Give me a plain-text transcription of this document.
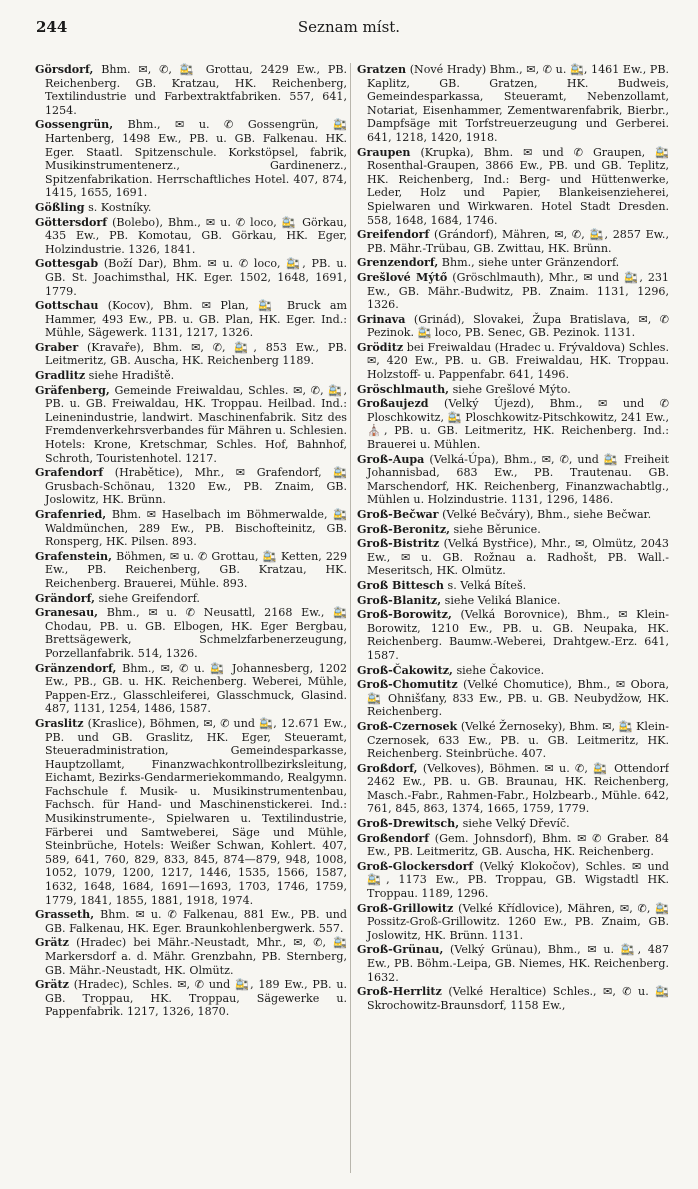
244	Seznam míst.

Görsdorf, Bhm. ✉, ✆, 🚉 Grottau, 2429 Ew., PB. Reichenberg. GB. Kratzau, HK. Reichenberg, Textilindustrie und Farbextraktfabriken. 557, 641, 1254.

Gossengrün, Bhm., ✉ u. ✆ Gossengrün, 🚉 Hartenberg, 1498 Ew., PB. u. GB. Falkenau. HK. Eger. Staatl. Spitzenschule. Korkstöpsel, fabrik, Musikinstrumentenerz., Gardinenerz., Spitzenfabrikation. Herrschaftliches Hotel. 407, 874, 1415, 1655, 1691.

Gößling s. Kostníky.

Göttersdorf (Bolebo), Bhm., ✉ u. ✆ loco, 🚉 Görkau, 435 Ew., PB. Komotau, GB. Görkau, HK. Eger, Holzindustrie. 1326, 1841.

Gottesgab (Boží Dar), Bhm. ✉ u. ✆ loco, 🚉, PB. u. GB. St. Joachimsthal, HK. Eger. 1502, 1648, 1691, 1779.

Gottschau (Kocov), Bhm. ✉ Plan, 🚉 Bruck am Hammer, 493 Ew., PB. u. GB. Plan, HK. Eger. Ind.: Mühle, Sägewerk. 1131, 1217, 1326.

Graber (Kravaře), Bhm. ✉, ✆, 🚉, 853 Ew., PB. Leitmeritz, GB. Auscha, HK. Reichenberg 1189.

Gradlitz siehe Hradiště.

Gräfenberg, Gemeinde Freiwaldau, Schles. ✉, ✆, 🚉, PB. u. GB. Freiwaldau, HK. Troppau. Heilbad. Ind.: Leinenindustrie, landwirt. Maschinenfabrik. Sitz des Fremdenverkehrsverbandes für Mähren u. Schlesien. Hotels: Krone, Kretschmar, Schles. Hof, Bahnhof, Schroth, Touristenhotel. 1217.

Grafendorf (Hrabětice), Mhr., ✉ Grafendorf, 🚉 Grusbach-Schönau, 1320 Ew., PB. Znaim, GB. Joslowitz, HK. Brünn.

Grafenried, Bhm. ✉ Haselbach im Böhmerwalde, 🚉 Waldmünchen, 289 Ew., PB. Bischofteinitz, GB. Ronsperg, HK. Pilsen. 893.

Grafenstein, Böhmen, ✉ u. ✆ Grottau, 🚉 Ketten, 229 Ew., PB. Reichenberg, GB. Kratzau, HK. Reichenberg. Brauerei, Mühle. 893.

Grändorf, siehe Greifendorf.

Granesau, Bhm., ✉ u. ✆ Neusattl, 2168 Ew., 🚉 Chodau, PB. u. GB. Elbogen, HK. Eger Bergbau, Brettsägewerk, Schmelzfarbenerzeugung, Porzellanfabrik. 514, 1326.

Gränzendorf, Bhm., ✉, ✆ u. 🚉 Johannesberg, 1202 Ew., PB., GB. u. HK. Reichenberg. Weberei, Mühle, Pappen-Erz., Glasschleiferei, Glasschmuck, Glasind. 487, 1131, 1254, 1486, 1587.

Graslitz (Kraslice), Böhmen, ✉, ✆ und 🚉, 12.671 Ew., PB. und GB. Graslitz, HK. Eger, Steueramt, Steueradministration, Gemeindesparkasse, Hauptzollamt, Finanzwachkontrollbezirksleitung, Eichamt, Bezirks-Gendarmeriekommando, Realgymn. Fachschule f. Musik- u. Musikinstrumentenbau, Fachsch. für Hand- und Maschinenstickerei. Ind.: Musikinstrumente-, Spielwaren u. Textilindustrie, Färberei und Samtweberei, Säge und Mühle, Steinbrüche, Hotels: Weißer Schwan, Kohlert. 407, 589, 641, 760, 829, 833, 845, 874—879, 948, 1008, 1052, 1079, 1200, 1217, 1446, 1535, 1566, 1587, 1632, 1648, 1684, 1691—1693, 1703, 1746, 1759, 1779, 1841, 1855, 1881, 1918, 1974.

Grasseth, Bhm. ✉ u. ✆ Falkenau, 881 Ew., PB. und GB. Falkenau, HK. Eger. Braunkohlenbergwerk. 557.

Grätz (Hradec) bei Mähr.-Neustadt, Mhr., ✉, ✆, 🚉 Markersdorf a. d. Mähr. Grenzbahn, PB. Sternberg, GB. Mähr.-Neustadt, HK. Olmütz.

Grätz (Hradec), Schles. ✉, ✆ und 🚉, 189 Ew., PB. u. GB. Troppau, HK. Troppau, Sägewerke u. Pappenfabrik. 1217, 1326, 1870.

Gratzen (Nové Hrady) Bhm., ✉, ✆ u. 🚉, 1461 Ew., PB. Kaplitz, GB. Gratzen, HK. Budweis, Gemeindesparkassa, Steueramt, Nebenzollamt, Notariat, Eisenhammer, Zementwarenfabrik, Bierbr., Dampfsäge mit Torfstreuerzeugung und Gerberei. 641, 1218, 1420, 1918.

Graupen (Krupka), Bhm. ✉ und ✆ Graupen, 🚉 Rosenthal-Graupen, 3866 Ew., PB. und GB. Teplitz, HK. Reichenberg, Ind.: Berg- und Hüttenwerke, Leder, Holz und Papier, Blankeisenzieherei, Spielwaren und Wirkwaren. Hotel Stadt Dresden. 558, 1648, 1684, 1746.

Greifendorf (Grándorf), Mähren, ✉, ✆, 🚉, 2857 Ew., PB. Mähr.-Trübau, GB. Zwittau, HK. Brünn.

Grenzendorf, Bhm., siehe unter Gränzendorf.

Grešlové Mýtő (Gröschlmauth), Mhr., ✉ und 🚉, 231 Ew., GB. Mähr.-Budwitz, PB. Znaim. 1131, 1296, 1326.

Grinava (Grinád), Slovakei, Župa Bratislava, ✉, ✆ Pezinok. 🚉 loco, PB. Senec, GB. Pezinok. 1131.

Gröditz bei Freiwaldau (Hradec u. Frývaldova) Schles. ✉, 420 Ew., PB. u. GB. Freiwaldau, HK. Troppau. Holzstoff- u. Pappenfabr. 641, 1496.

Gröschlmauth, siehe Grešlové Mýto.

Großaujezd (Velký Újezd), Bhm., ✉ und ✆ Ploschkowitz, 🚉 Ploschkowitz-Pitschkowitz, 241 Ew., ⛪, PB. u. GB. Leitmeritz, HK. Reichenberg. Ind.: Brauerei u. Mühlen.

Groß-Aupa (Velká-Úpa), Bhm., ✉, ✆, und 🚉 Freiheit Johannisbad, 683 Ew., PB. Trautenau. GB. Marschendorf, HK. Reichenberg, Finanzwachabtlg., Mühlen u. Holzindustrie. 1131, 1296, 1486.

Groß-Bečwar (Velké Bečváry), Bhm., siehe Bečwar.

Groß-Beronitz, siehe Běrunice.

Groß-Bistritz (Velká Bystřice), Mhr., ✉, Olmütz, 2043 Ew., ✉ u. GB. Rožnau a. Radhošt, PB. Wall.-Meseritsch, HK. Olmütz.

Groß Bittesch s. Velká Bíteš.

Groß-Blanitz, siehe Veliká Blanice.

Groß-Borowitz, (Velká Borovnice), Bhm., ✉ Klein-Borowitz, 1210 Ew., PB. u. GB. Neupaka, HK. Reichenberg. Baumw.-Weberei, Drahtgew.-Erz. 641, 1587.

Groß-Čakowitz, siehe Čakovice.

Groß-Chomutitz (Velké Chomutice), Bhm., ✉ Obora, 🚉 Ohnišťany, 833 Ew., PB. u. GB. Neubydžow, HK. Reichenberg.

Groß-Czernosek (Velké Žernoseky), Bhm. ✉, 🚉 Klein-Czernosek, 633 Ew., PB. u. GB. Leitmeritz, HK. Reichenberg. Steinbrüche. 407.

Großdorf, (Velkoves), Böhmen. ✉ u. ✆, 🚉 Ottendorf 2462 Ew., PB. u. GB. Braunau, HK. Reichenberg, Masch.-Fabr., Rahmen-Fabr., Holzbearb., Mühle. 642, 761, 845, 863, 1374, 1665, 1759, 1779.

Groß-Drewitsch, siehe Velký Dřevíč.

Großendorf (Gem. Johnsdorf), Bhm. ✉ ✆ Graber. 84 Ew., PB. Leitmeritz, GB. Auscha, HK. Reichenberg.

Groß-Glockersdorf (Velký Klokočov), Schles. ✉ und 🚉, 1173 Ew., PB. Troppau, GB. Wigstadtl HK. Troppau. 1189, 1296.

Groß-Grillowitz (Velké Křídlovice), Mähren, ✉, ✆, 🚉 Possitz-Groß-Grillowitz. 1260 Ew., PB. Znaim, GB. Joslowitz, HK. Brünn. 1131.

Groß-Grünau, (Velký Grünau), Bhm., ✉ u. 🚉, 487 Ew., PB. Böhm.-Leipa, GB. Niemes, HK. Reichenberg. 1632.

Groß-Herrlitz (Velké Heraltice) Schles., ✉, ✆ u. 🚉 Skrochowitz-Braunsdorf, 1158 Ew.,
